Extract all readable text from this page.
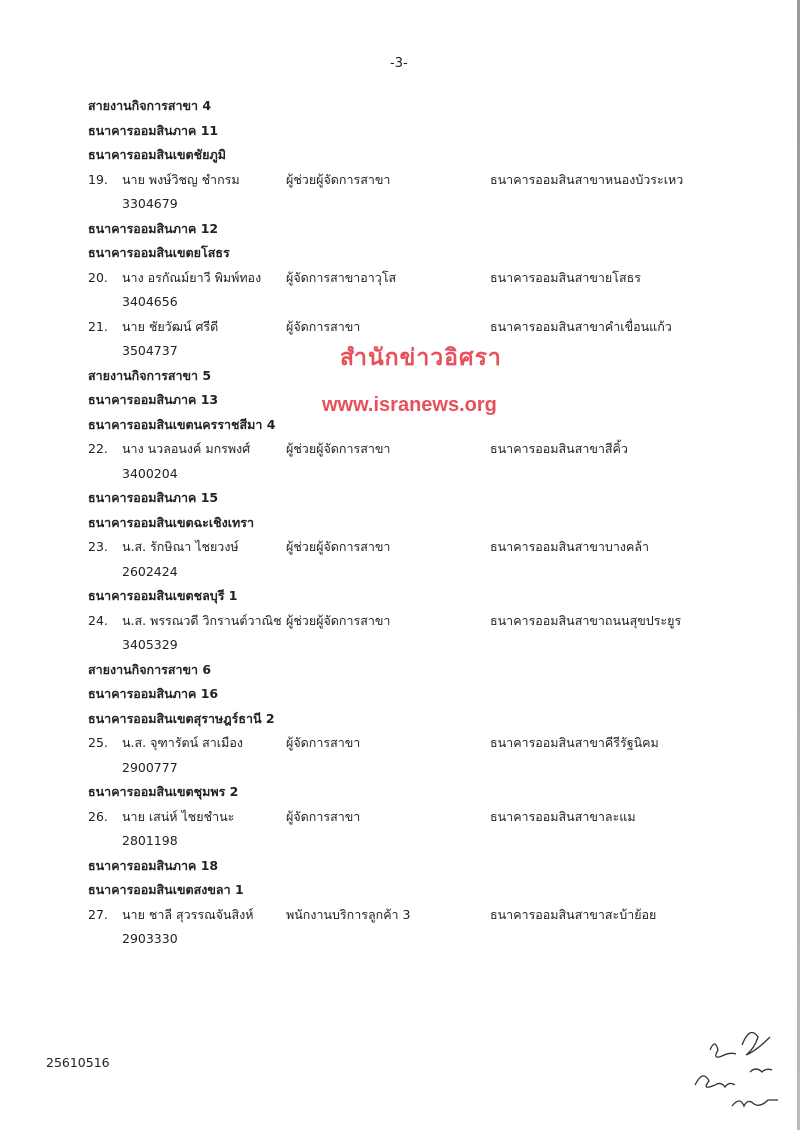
-3-
สายงานกิจการสาขา 4
ธนาคารออมสินภาค 11
ธนาคารออมสินเขตชัยภูมิ
19. นาย พงษ์วิชญ ชำกรม	ผู้ช่วยผู้จัดการสาขา	ธนาคารออมสินสาขาหนองบัวระเหว
3304679
ธนาคารออมสินภาค 12
ธนาคารออมสินเขตยโสธร
20. นาง อรกัณม์ยาวี พิมพ์ทอง ผู้จัดการสาขาอาวุโส	ธนาคารออมสินสาขายโสธร
3404656
21. นาย ชัยวัฒน์ ศรีดี	ผู้จัดการสาขา	ธนาคารออมสินสาขาคำเขื่อนแก้ว
3504737
สายงานกิจการสาขา 5
ธนาคารออมสินภาค 13
ธนาคารออมสินเขตนครราชสีมา 4
22. นาง นวลอนงค์ มกรพงศ์	ผู้ช่วยผู้จัดการสาขา	ธนาคารออมสินสาขาสีคิ้ว
3400204
ธนาคารออมสินภาค 15
ธนาคารออมสินเขตฉะเชิงเทรา
23. น.ส. รักษิณา ไชยวงษ์	ผู้ช่วยผู้จัดการสาขา	ธนาคารออมสินสาขาบางคล้า
2602424
ธนาคารออมสินเขตชลบุรี 1
24. น.ส. พรรณวดี วิกรานต์วาณิช ผู้ช่วยผู้จัดการสาขา	ธนาคารออมสินสาขาถนนสุขประยูร
3405329
สายงานกิจการสาขา 6
ธนาคารออมสินภาค 16
ธนาคารออมสินเขตสุราษฎร์ธานี 2
25. น.ส. จุฑารัตน์ สาเมือง	ผู้จัดการสาขา	ธนาคารออมสินสาขาคีรีรัฐนิคม
2900777
ธนาคารออมสินเขตชุมพร 2
26. นาย เสน่ห์ ไชยชำนะ	ผู้จัดการสาขา	ธนาคารออมสินสาขาละแม
2801198
ธนาคารออมสินภาค 18
ธนาคารออมสินเขตสงขลา 1
27. นาย ชาลี สุวรรณจันสิงห์	พนักงานบริการลูกค้า 3	ธนาคารออมสินสาขาสะบ้าย้อย
2903330
สำนักข่าวอิศรา
www.isranews.org
25610516
